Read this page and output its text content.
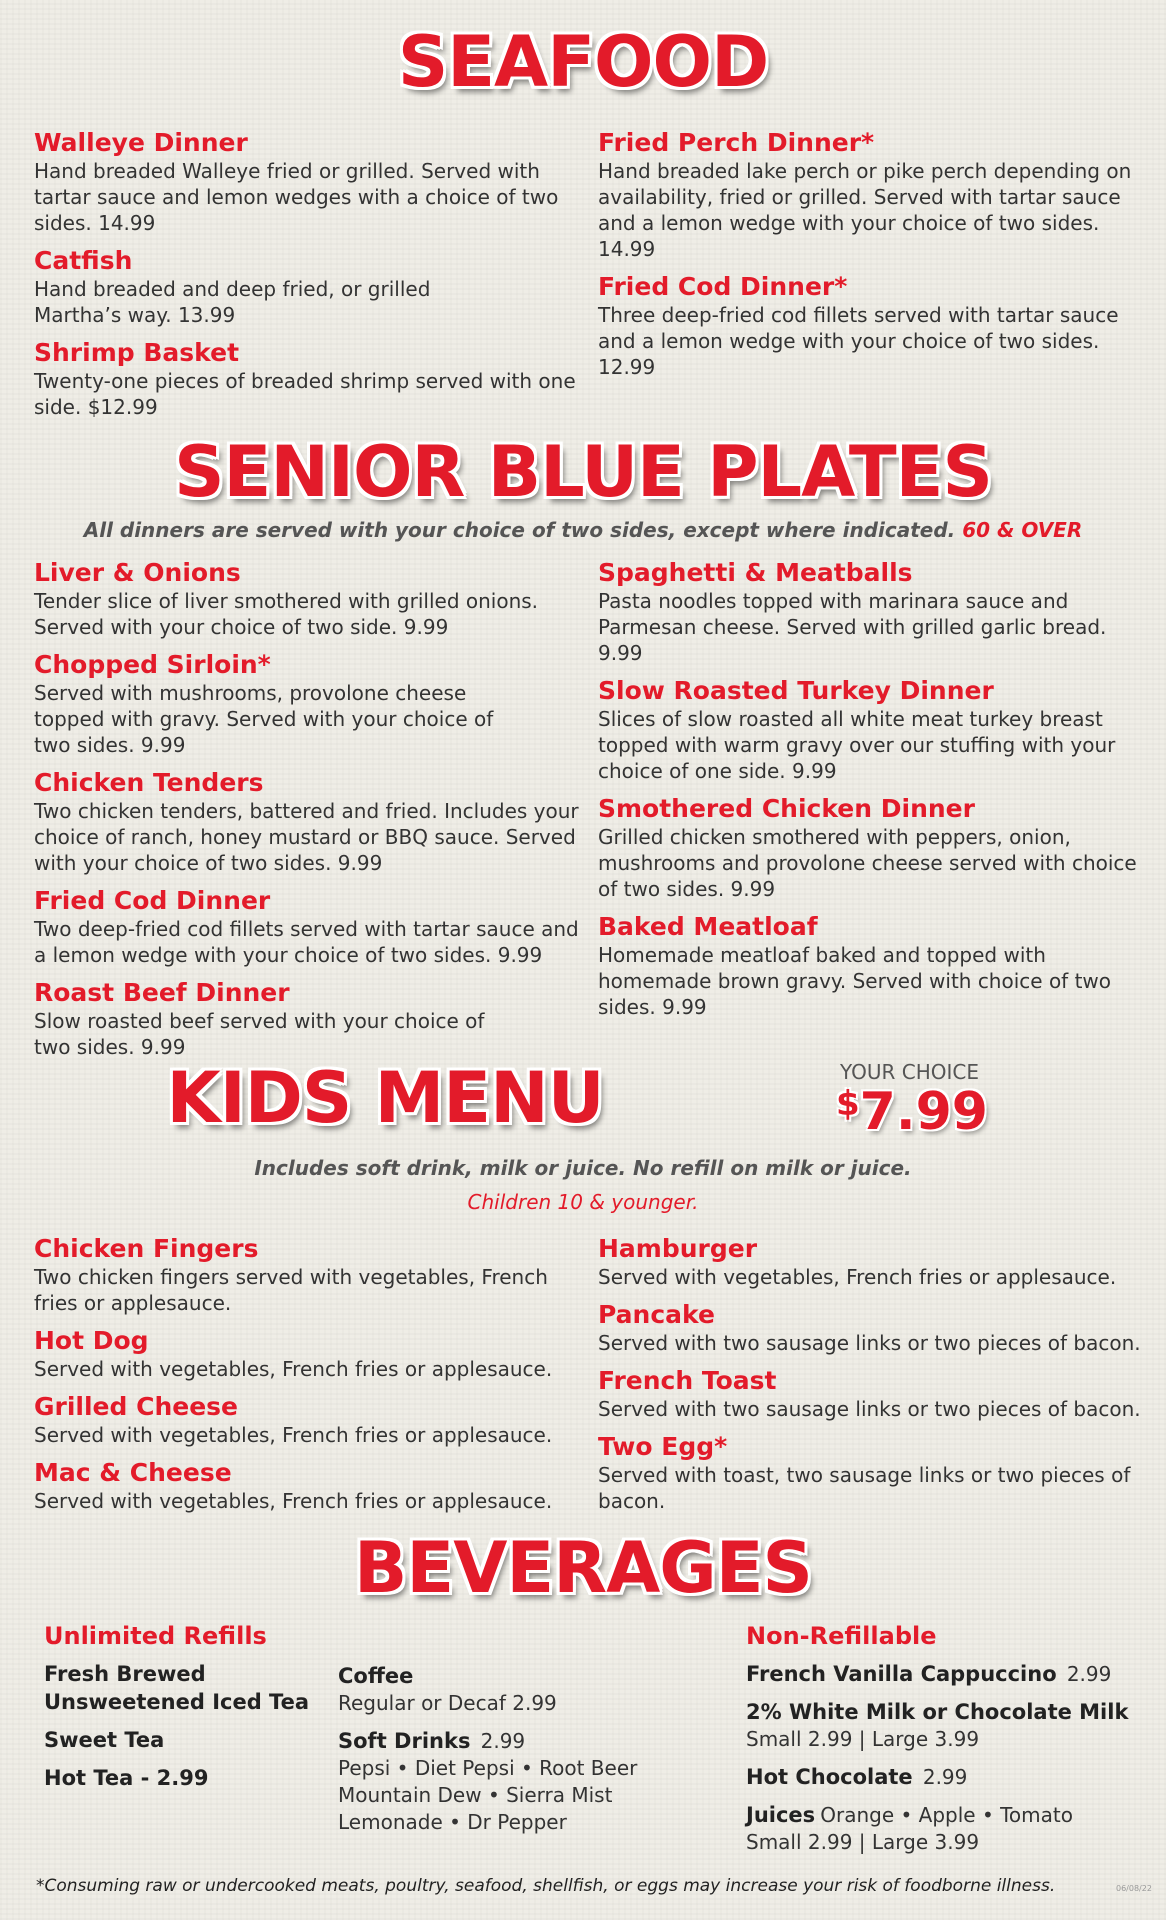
SEAFOOD
Walleye Dinner
Hand breaded Walleye fried or grilled. Served with tartar sauce and lemon wedges with a choice of two sides. 14.99
Catfish
Hand breaded and deep fried, or grilled Martha’s way. 13.99
Shrimp Basket
Twenty-one pieces of breaded shrimp served with one side. $12.99
Fried Perch Dinner*
Hand breaded lake perch or pike perch depending on availability, fried or grilled. Served with tartar sauce and a lemon wedge with your choice of two sides. 14.99
Fried Cod Dinner*
Three deep-fried cod fillets served with tartar sauce and a lemon wedge with your choice of two sides. 12.99
SENIOR BLUE PLATES
All dinners are served with your choice of two sides, except where indicated. 60 & OVER
Liver & Onions
Tender slice of liver smothered with grilled onions. Served with your choice of two side. 9.99
Chopped Sirloin*
Served with mushrooms, provolone cheese topped with gravy. Served with your choice of two sides. 9.99
Chicken Tenders
Two chicken tenders, battered and fried. Includes your choice of ranch, honey mustard or BBQ sauce. Served with your choice of two sides. 9.99
Fried Cod Dinner
Two deep-fried cod fillets served with tartar sauce and a lemon wedge with your choice of two sides. 9.99
Roast Beef Dinner
Slow roasted beef served with your choice of two sides. 9.99
Spaghetti & Meatballs
Pasta noodles topped with marinara sauce and Parmesan cheese. Served with grilled garlic bread. 9.99
Slow Roasted Turkey Dinner
Slices of slow roasted all white meat turkey breast topped with warm gravy over our stuffing with your choice of one side. 9.99
Smothered Chicken Dinner
Grilled chicken smothered with peppers, onion, mushrooms and provolone cheese served with choice of two sides. 9.99
Baked Meatloaf
Homemade meatloaf baked and topped with homemade brown gravy. Served with choice of two sides. 9.99
KIDS MENU	YOUR CHOICE
$7.99
Includes soft drink, milk or juice. No refill on milk or juice.
Children 10 & younger.
Chicken Fingers
Two chicken fingers served with vegetables, French fries or applesauce.
Hot Dog
Served with vegetables, French fries or applesauce.
Grilled Cheese
Served with vegetables, French fries or applesauce.
Mac & Cheese
Served with vegetables, French fries or applesauce.
Hamburger
Served with vegetables, French fries or applesauce.
Pancake
Served with two sausage links or two pieces of bacon.
French Toast
Served with two sausage links or two pieces of bacon.
Two Egg*
Served with toast, two sausage links or two pieces of bacon.
BEVERAGES
Unlimited Refills
Fresh Brewed
Unsweetened Iced Tea
Sweet Tea
Hot Tea - 2.99
Coffee
Regular or Decaf 2.99
Soft Drinks 2.99
Pepsi • Diet Pepsi • Root Beer
Mountain Dew • Sierra Mist
Lemonade • Dr Pepper
Non-Refillable
French Vanilla Cappuccino 2.99
2% White Milk or Chocolate Milk
Small 2.99 | Large 3.99
Hot Chocolate 2.99
Juices Orange • Apple • Tomato
Small 2.99 | Large 3.99
*Consuming raw or undercooked meats, poultry, seafood, shellfish, or eggs may increase your risk of foodborne illness.	06/08/22
